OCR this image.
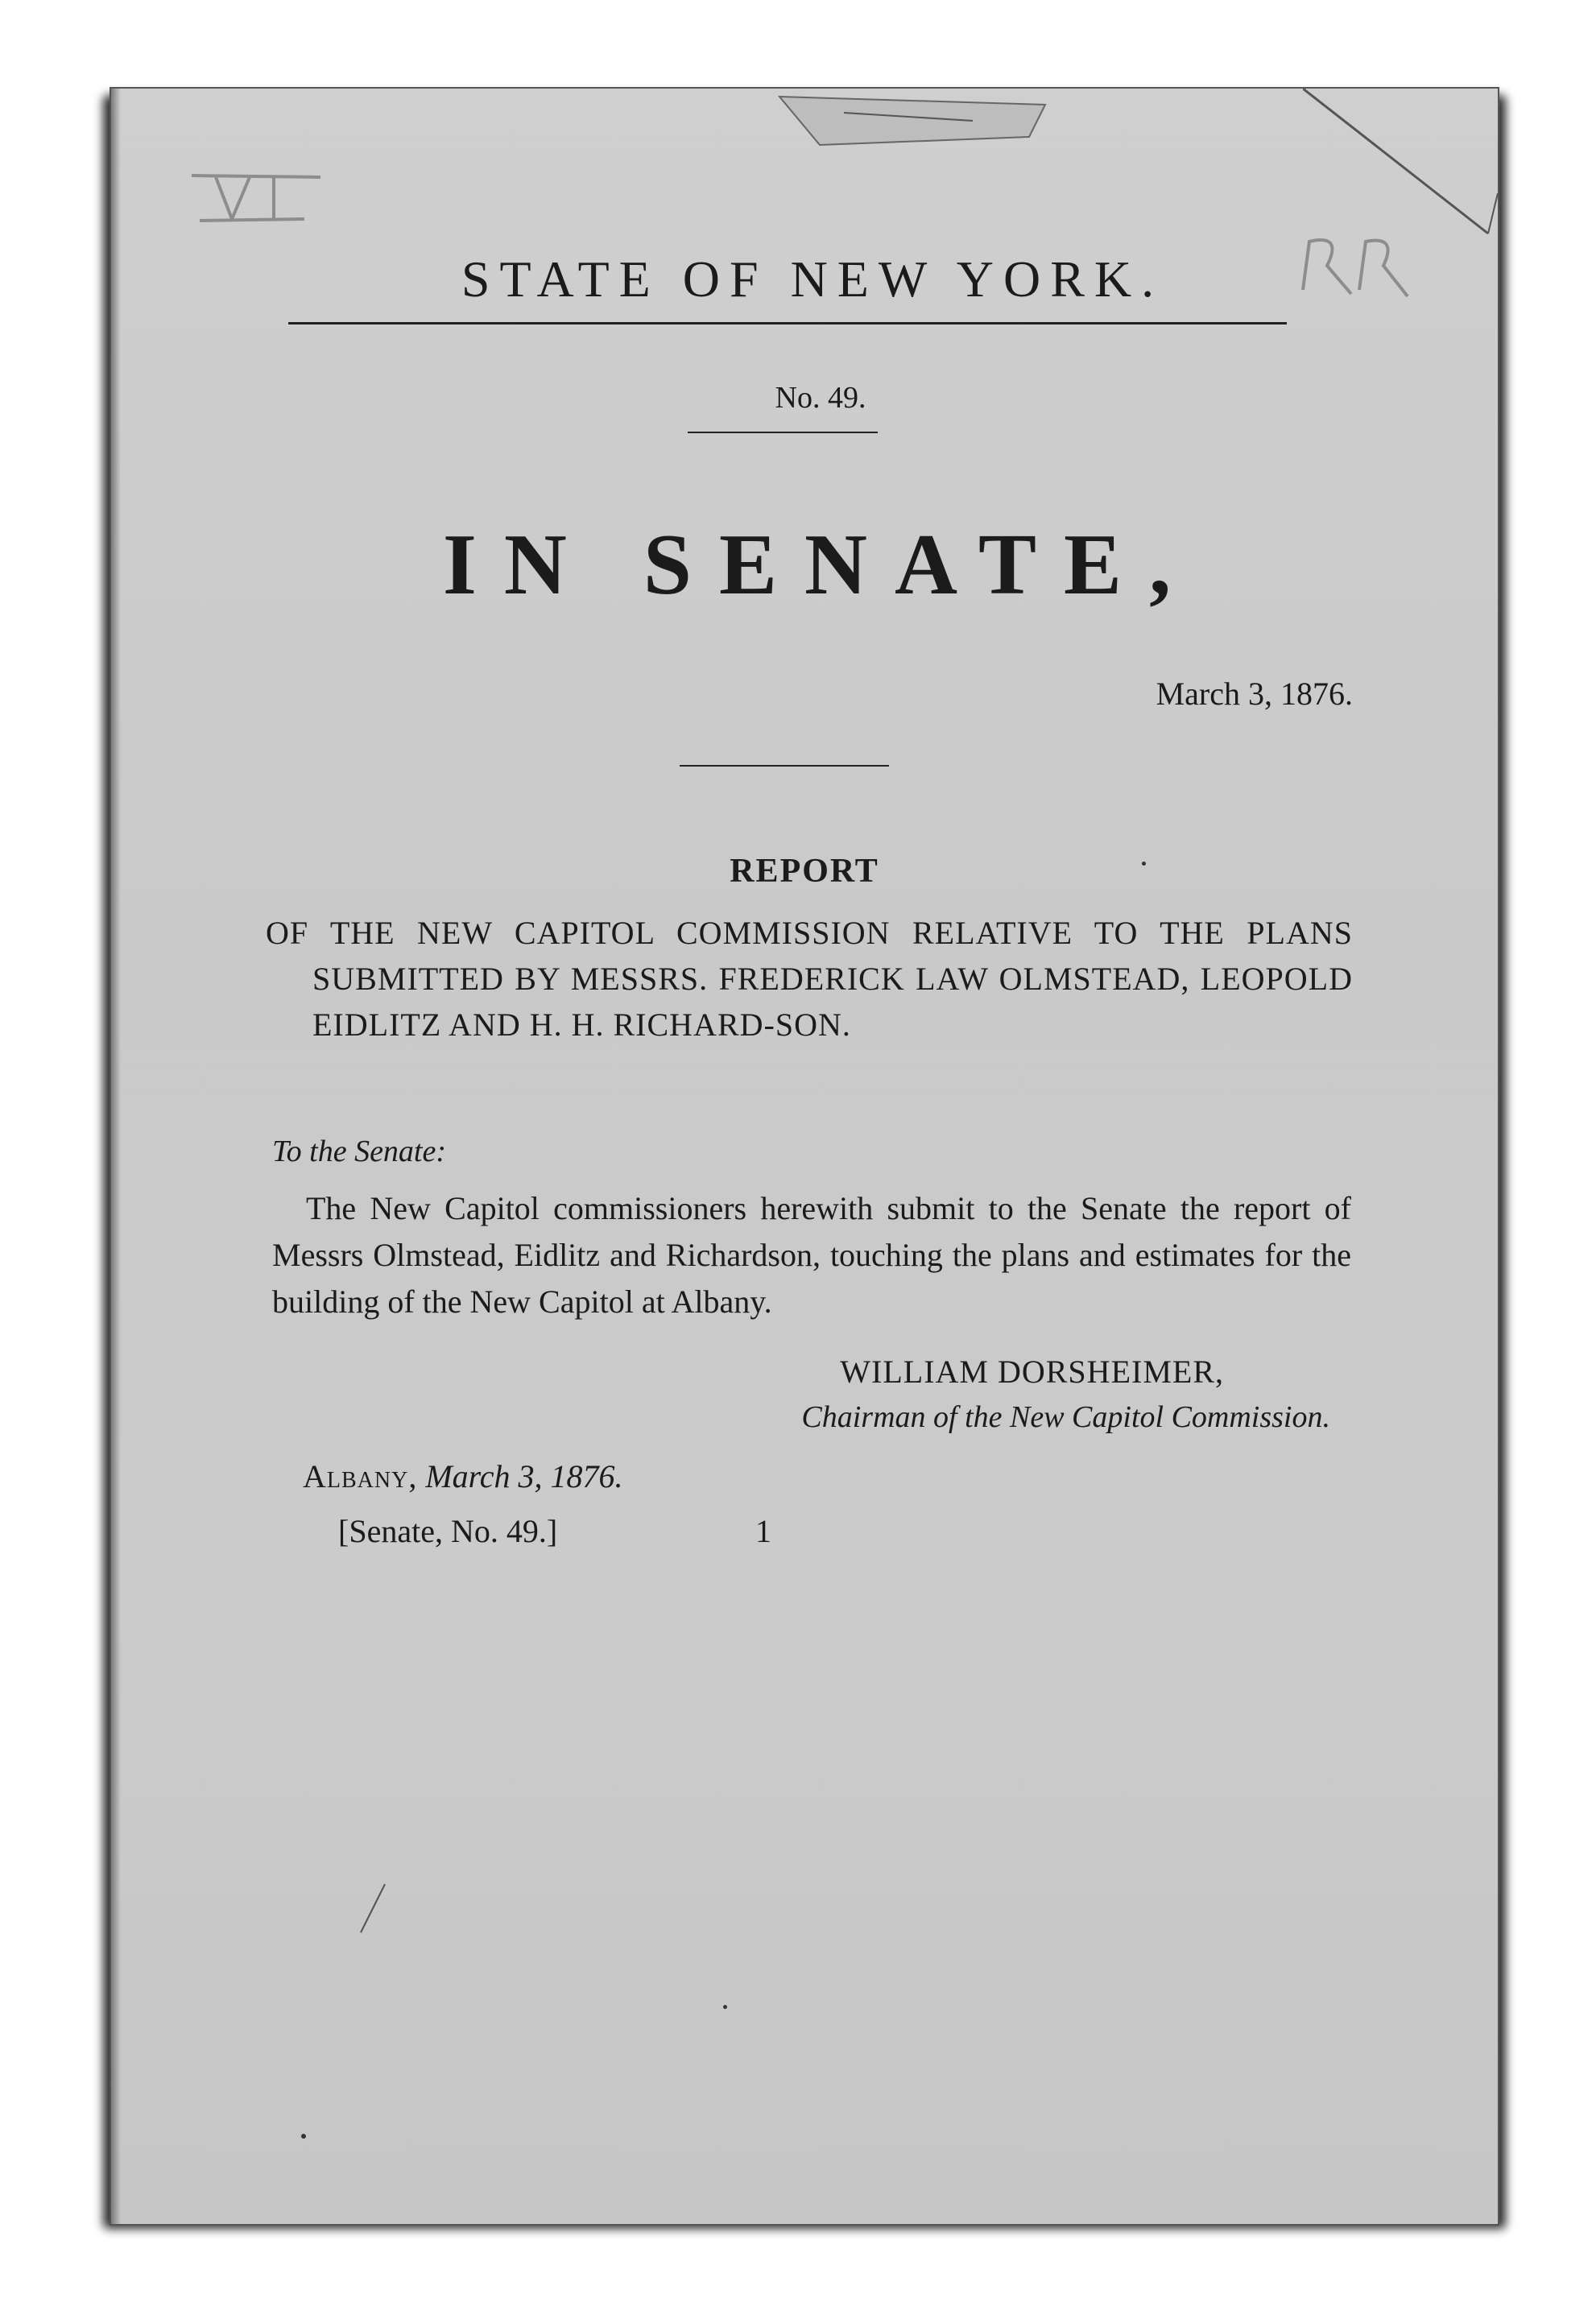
VI
RR
STATE OF NEW YORK.
No. 49.
IN SENATE,
March 3, 1876.
REPORT
OF THE NEW CAPITOL COMMISSION RELATIVE TO THE PLANS SUBMITTED BY MESSRS. FREDERICK LAW OLMSTEAD, LEOPOLD EIDLITZ AND H. H. RICHARD-SON.
To the Senate:
The New Capitol commissioners herewith submit to the Senate the report of Messrs Olmstead, Eidlitz and Richardson, touching the plans and estimates for the building of the New Capitol at Albany.
WILLIAM DORSHEIMER,
Chairman of the New Capitol Commission.
Albany, March 3, 1876.
[Senate, No. 49.]	1
